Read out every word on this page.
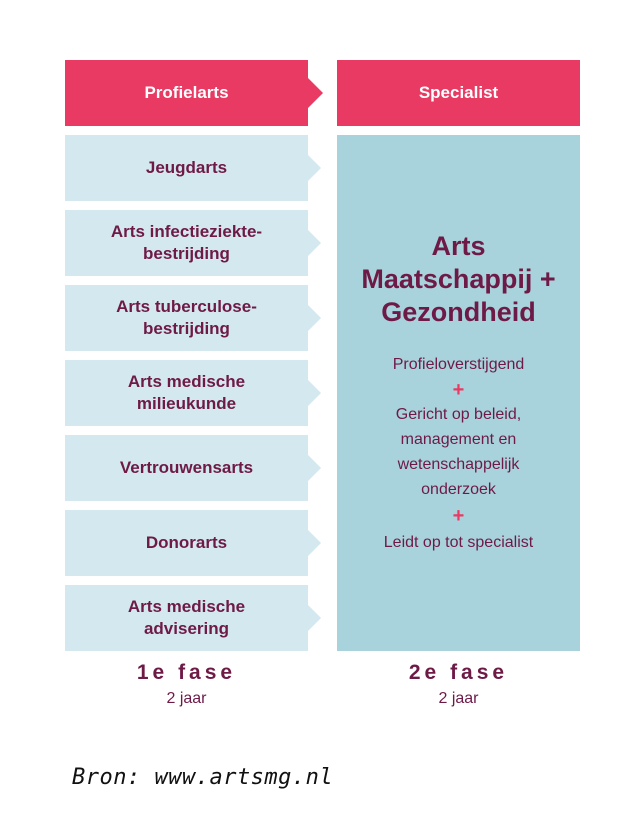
Profielarts	Specialist
Jeugdarts
Arts infectieziekte-
bestrijding
Arts tuberculose-
bestrijding
Arts medische
milieukunde
Vertrouwensarts
Donorarts
Arts medische
advisering
Arts
Maatschappij +
Gezondheid
Profieloverstijgend
+
Gericht op beleid,
management en
wetenschappelijk
onderzoek
+
Leidt op tot specialist
1e fase
2 jaar
2e fase
2 jaar
Bron: www.artsmg.nl
